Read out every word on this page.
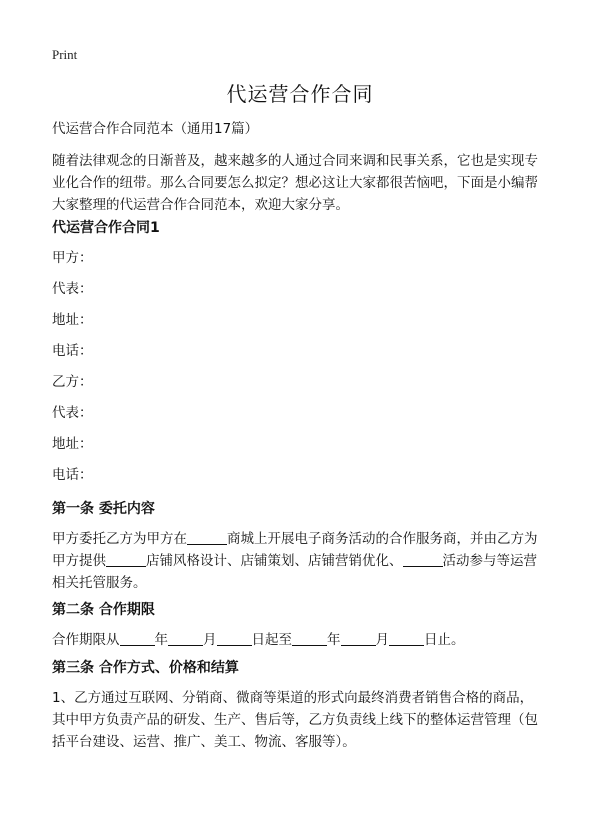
Print
代运营合作合同
代运营合作合同范本（通用17篇）
随着法律观念的日渐普及，越来越多的人通过合同来调和民事关系，它也是实现专
业化合作的纽带。那么合同要怎么拟定？想必这让大家都很苦恼吧，下面是小编帮
大家整理的代运营合作合同范本，欢迎大家分享。
代运营合作合同1
甲方：
代表：
地址：
电话：
乙方：
代表：
地址：
电话：
第一条 委托内容
甲方委托乙方为甲方在	商城上开展电子商务活动的合作服务商，并由乙方为
甲方提供	店铺风格设计、店铺策划、店铺营销优化、	活动参与等运营
相关托管服务。
第二条 合作期限
合作期限从	年	月	日起至	年	月	日止。
第三条 合作方式、价格和结算
1、乙方通过互联网、分销商、微商等渠道的形式向最终消费者销售合格的商品，
其中甲方负责产品的研发、生产、售后等，乙方负责线上线下的整体运营管理（包
括平台建设、运营、推广、美工、物流、客服等）。
